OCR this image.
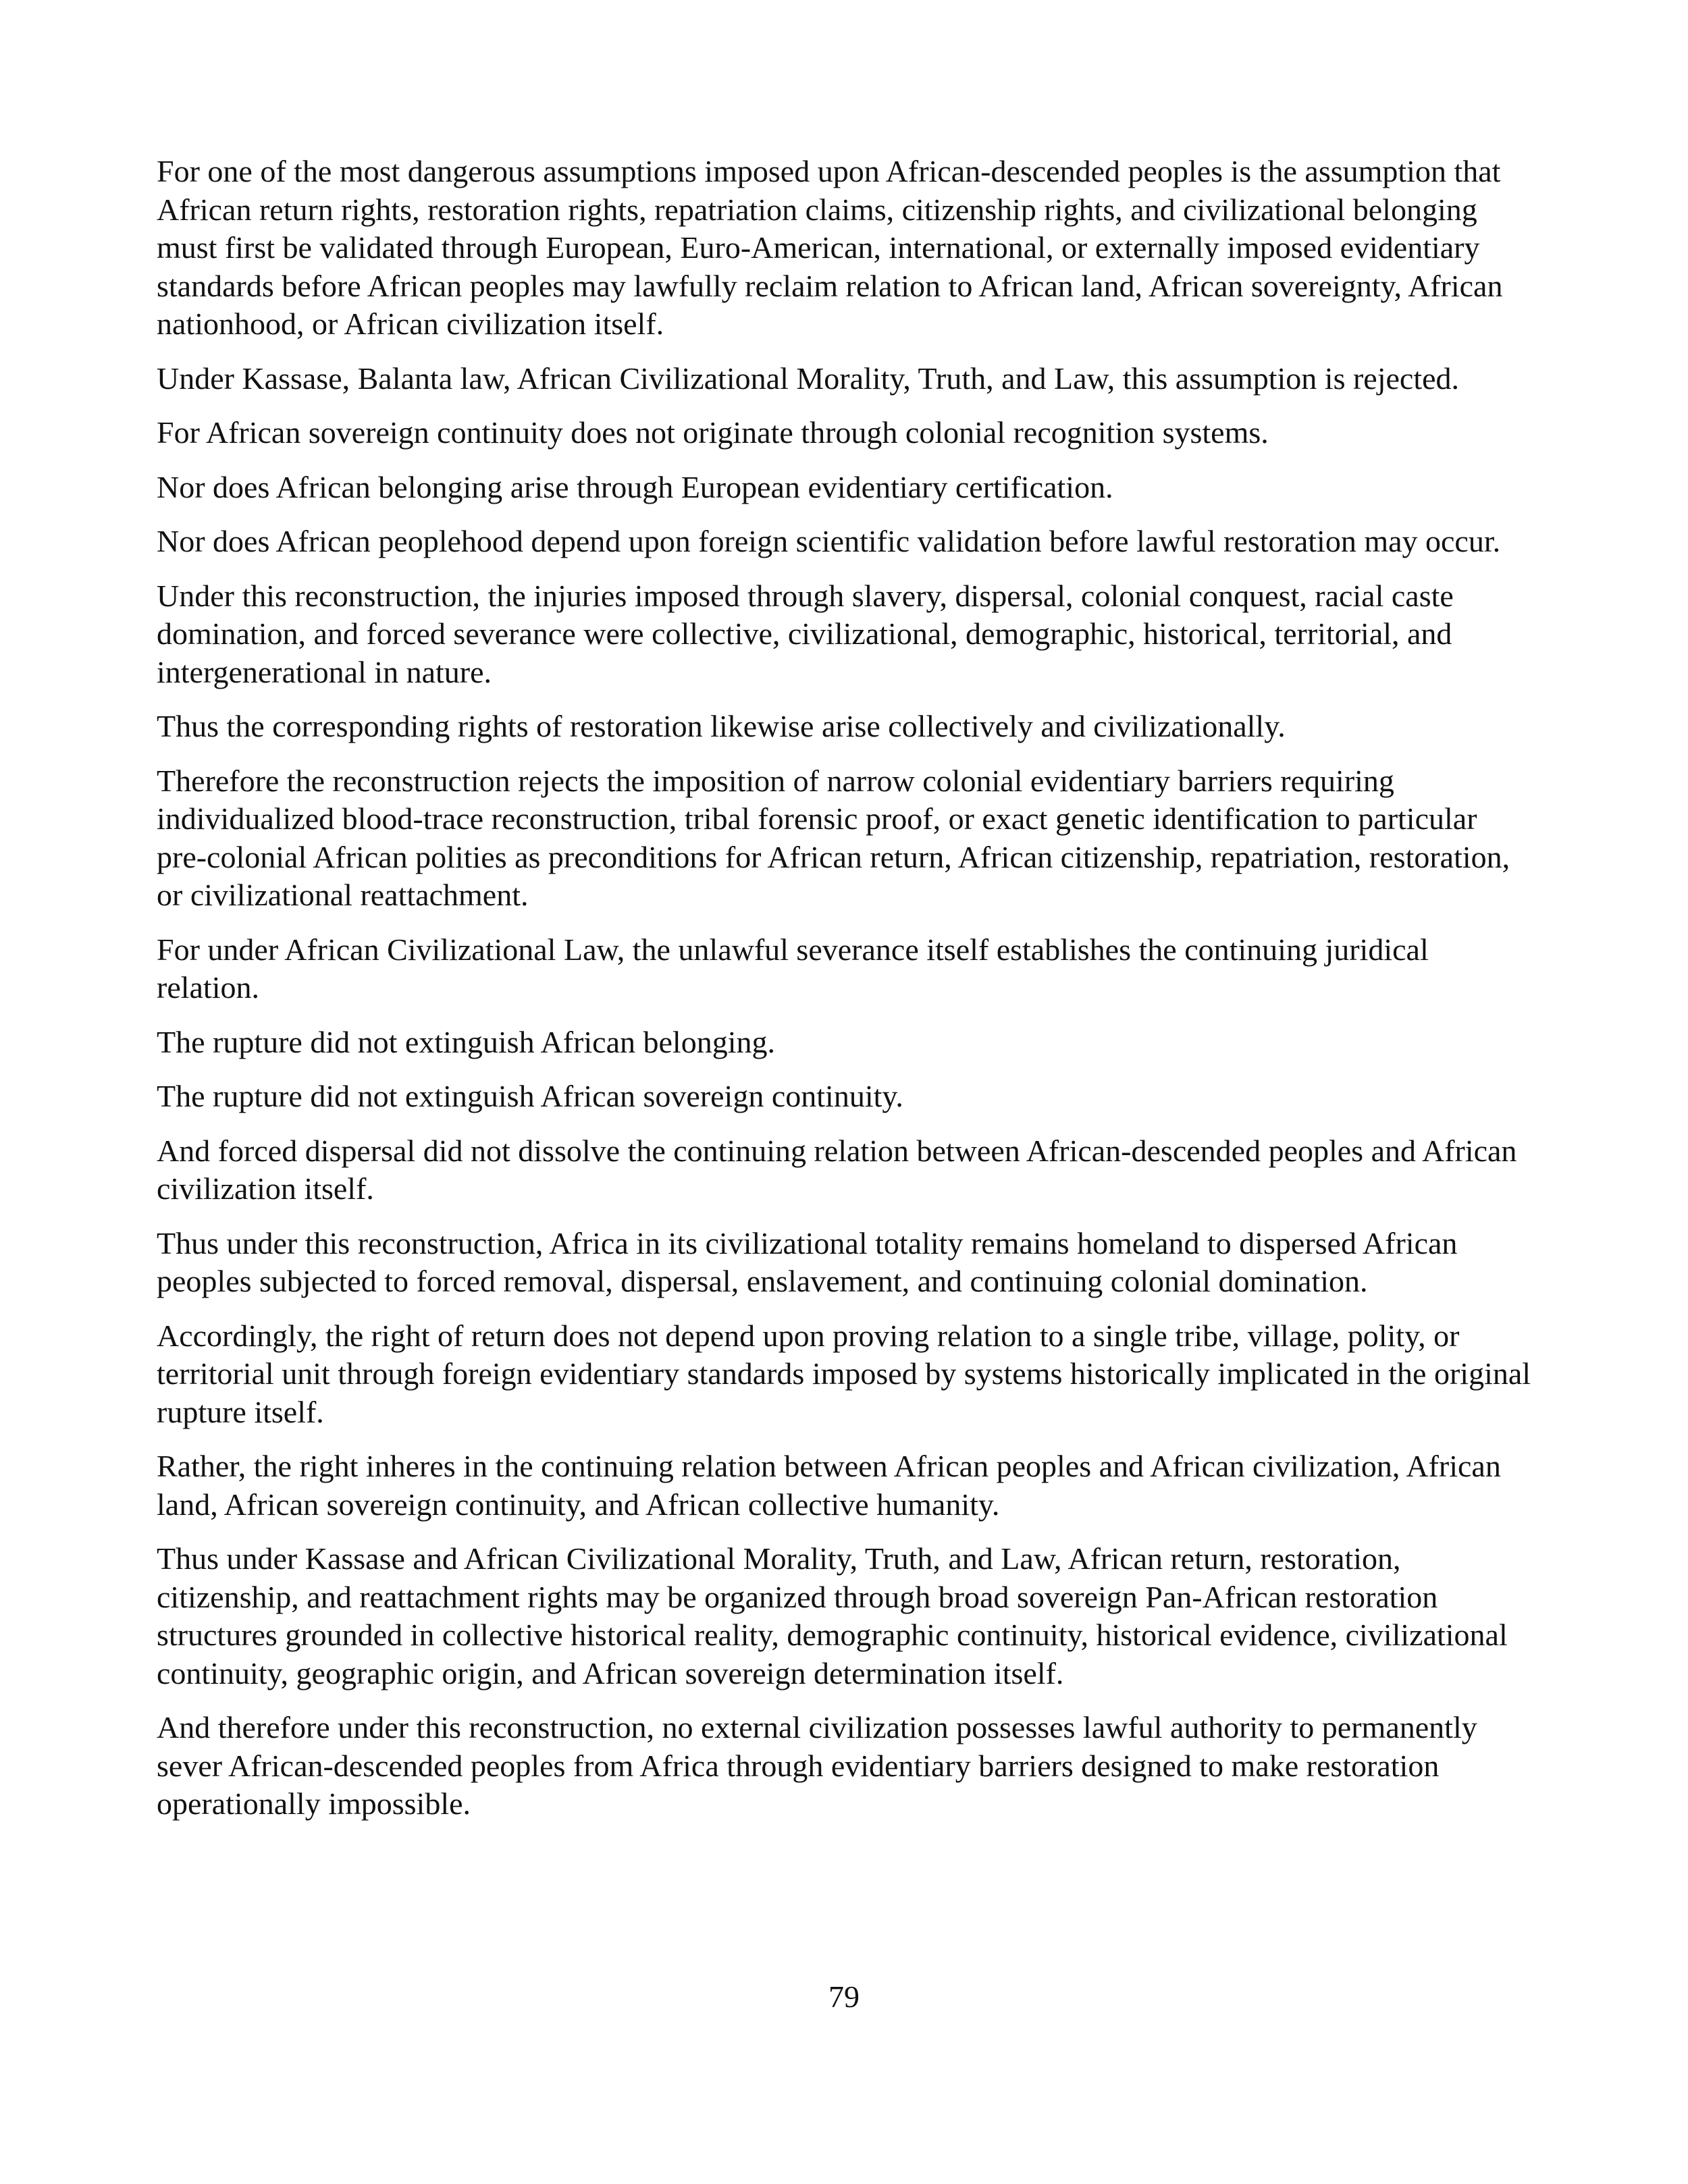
For one of the most dangerous assumptions imposed upon African-descended peoples is the assumption that African return rights, restoration rights, repatriation claims, citizenship rights, and civilizational belonging must first be validated through European, Euro-American, international, or externally imposed evidentiary standards before African peoples may lawfully reclaim relation to African land, African sovereignty, African nationhood, or African civilization itself.

Under Kassase, Balanta law, African Civilizational Morality, Truth, and Law, this assumption is rejected.

For African sovereign continuity does not originate through colonial recognition systems.

Nor does African belonging arise through European evidentiary certification.

Nor does African peoplehood depend upon foreign scientific validation before lawful restoration may occur.

Under this reconstruction, the injuries imposed through slavery, dispersal, colonial conquest, racial caste domination, and forced severance were collective, civilizational, demographic, historical, territorial, and intergenerational in nature.

Thus the corresponding rights of restoration likewise arise collectively and civilizationally.

Therefore the reconstruction rejects the imposition of narrow colonial evidentiary barriers requiring individualized blood-trace reconstruction, tribal forensic proof, or exact genetic identification to particular pre-colonial African polities as preconditions for African return, African citizenship, repatriation, restoration, or civilizational reattachment.

For under African Civilizational Law, the unlawful severance itself establishes the continuing juridical relation.

The rupture did not extinguish African belonging.

The rupture did not extinguish African sovereign continuity.

And forced dispersal did not dissolve the continuing relation between African-descended peoples and African civilization itself.

Thus under this reconstruction, Africa in its civilizational totality remains homeland to dispersed African peoples subjected to forced removal, dispersal, enslavement, and continuing colonial domination.

Accordingly, the right of return does not depend upon proving relation to a single tribe, village, polity, or territorial unit through foreign evidentiary standards imposed by systems historically implicated in the original rupture itself.

Rather, the right inheres in the continuing relation between African peoples and African civilization, African land, African sovereign continuity, and African collective humanity.

Thus under Kassase and African Civilizational Morality, Truth, and Law, African return, restoration, citizenship, and reattachment rights may be organized through broad sovereign Pan-African restoration structures grounded in collective historical reality, demographic continuity, historical evidence, civilizational continuity, geographic origin, and African sovereign determination itself.

And therefore under this reconstruction, no external civilization possesses lawful authority to permanently sever African-descended peoples from Africa through evidentiary barriers designed to make restoration operationally impossible.

79
